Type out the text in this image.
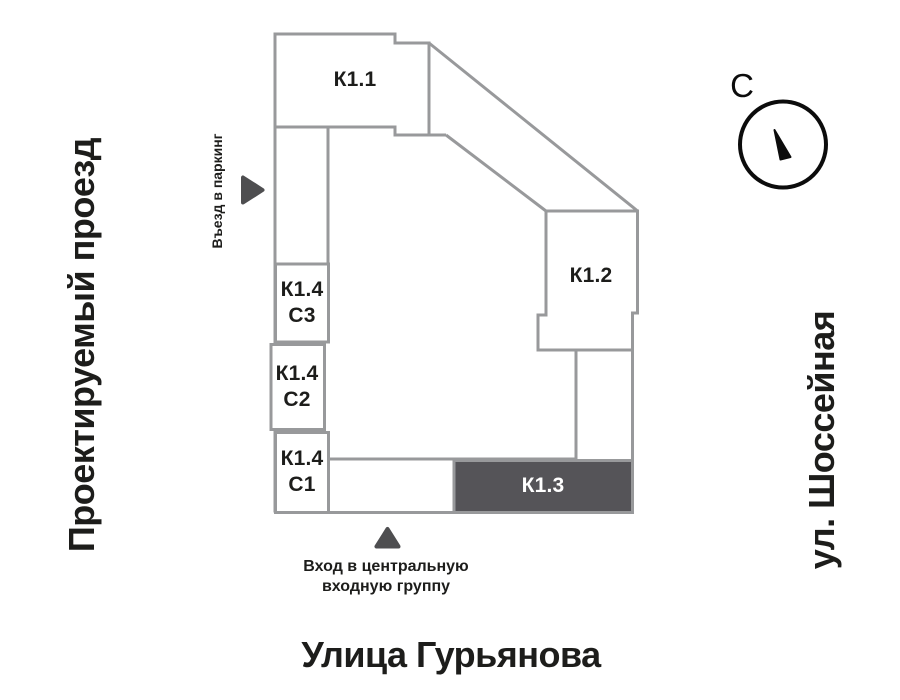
Проектируемый проезд	ул. Шоссейная
Улица Гурьянова
С
К1.1
К1.2
К1.3
К1.4
С3
К1.4
С2
К1.4
С1
Въезд в паркинг
Вход в центральную
входную группу
